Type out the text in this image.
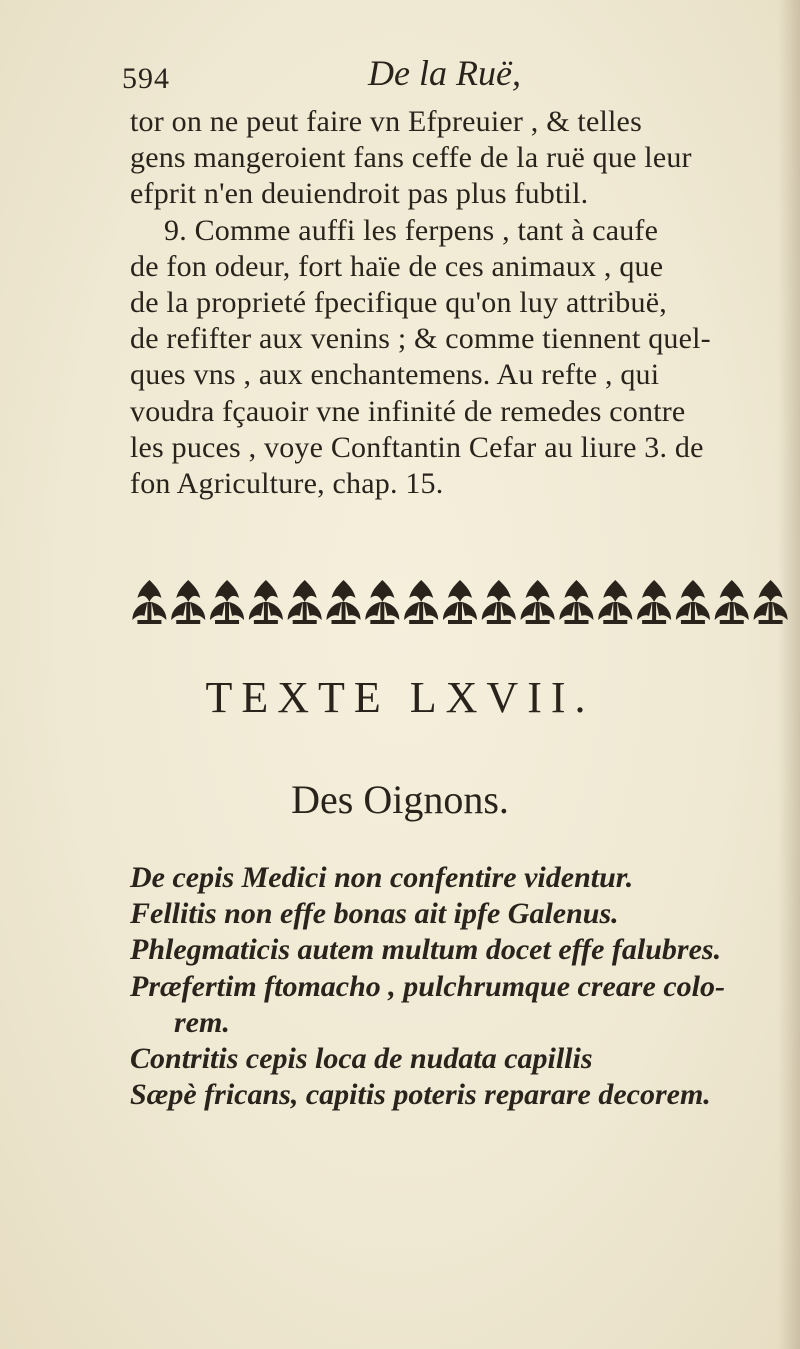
594	De la Ruë,
tor on ne peut faire vn Efpreuier , & telles
gens mangeroient fans ceffe de la ruë que leur
efprit n'en deuiendroit pas plus fubtil.
9. Comme auffi les ferpens , tant à caufe
de fon odeur, fort haïe de ces animaux , que
de la proprieté fpecifique qu'on luy attribuë,
de refifter aux venins ; & comme tiennent quel-
ques vns , aux enchantemens. Au refte , qui
voudra fçauoir vne infinité de remedes contre
les puces , voye Conftantin Cefar au liure 3. de
fon Agriculture, chap. 15.
TEXTE LXVII.
Des Oignons.
De cepis Medici non confentire videntur.
Fellitis non effe bonas ait ipfe Galenus.
Phlegmaticis autem multum docet effe falubres.
Præfertim ftomacho , pulchrumque creare colo-
rem.
Contritis cepis loca de nudata capillis
Sæpè fricans, capitis poteris reparare decorem.
